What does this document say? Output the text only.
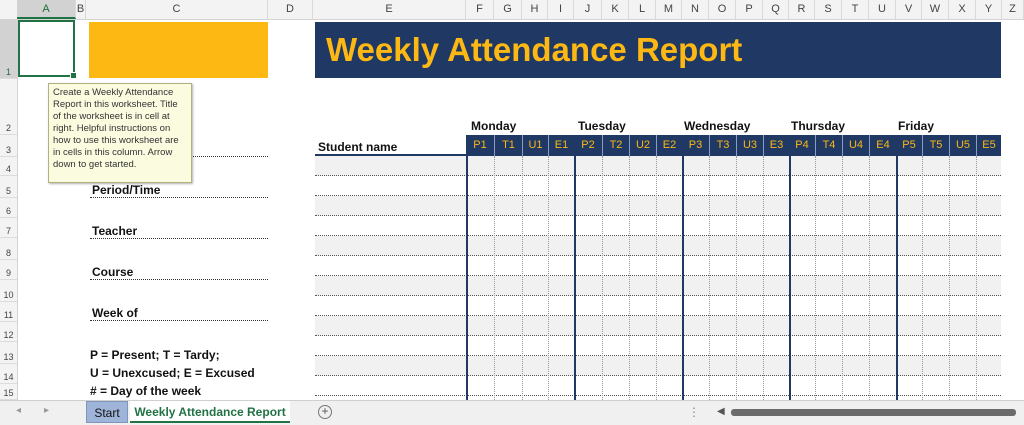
A	B	C	D	E	F	G	H	I	J	K	L	M	N	O	P	Q	R	S	T	U	V	W	X	Y	Z
1
2
3
4
5
6
7
8
9
10
11
12
13
14
15
Weekly Attendance Report
Monday	Tuesday	Wednesday	Thursday	Friday
Period/Time
Teacher
Course
Week of
P = Present; T = Tardy;
U = Unexcused; E = Excused
# = Day of the week
Create a Weekly Attendance Report in this worksheet. Title of the worksheet is in cell at right. Helpful instructions on how to use this worksheet are in cells in this column. Arrow down to get started.
Student name	P1	T1	U1	E1	P2	T2	U2	E2	P3	T3	U3	E3	P4	T4	U4	E4	P5	T5	U5	E5
◂ ▸	Start	Weekly Attendance Report	+	⋮ ◀
